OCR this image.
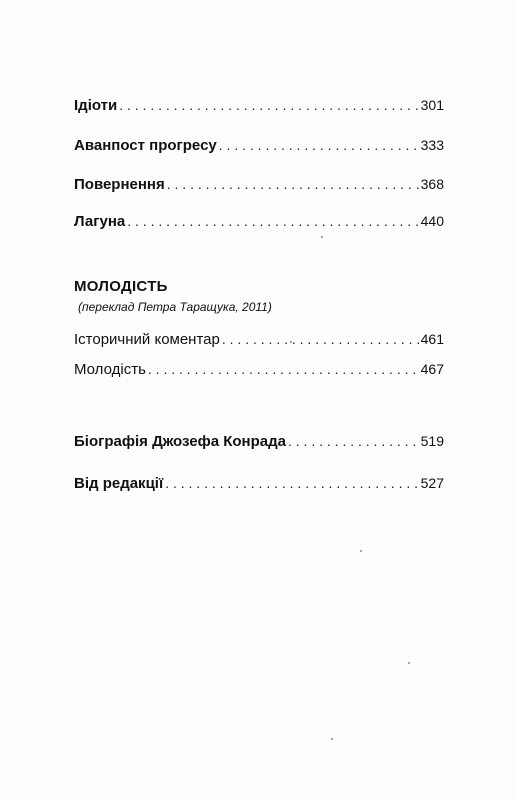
Ідіоти . . .	301
Аванпост прогресу . . .	333
Повернення . . .	368
Лагуна . . .	440
МОЛОДІСТЬ
(переклад Петра Таращука, 2011)
Історичний коментар . . .	461
Молодість . . .	467
Біографія Джозефа Конрада . . .	519
Від редакції . . .	527
